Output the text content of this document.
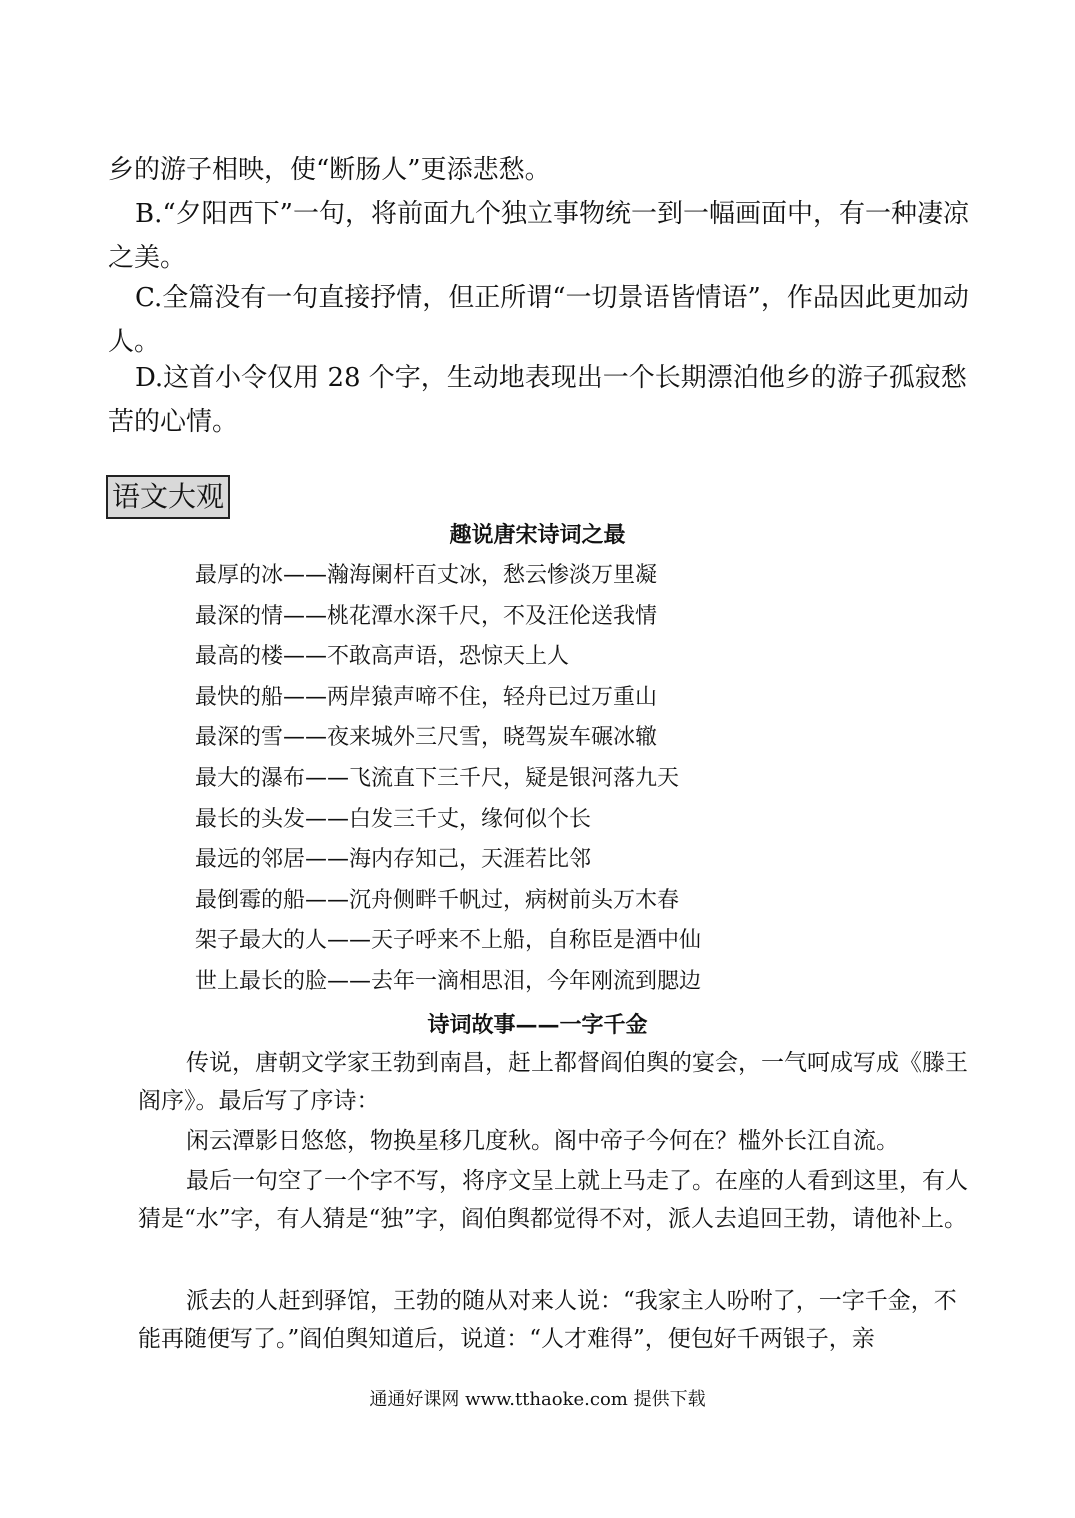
乡的游子相映，使“断肠人”更添悲愁。
B.“夕阳西下”一句，将前面九个独立事物统一到一幅画面中，有一种凄凉之美。
C.全篇没有一句直接抒情，但正所谓“一切景语皆情语”，作品因此更加动人。
D.这首小令仅用 28 个字，生动地表现出一个长期漂泊他乡的游子孤寂愁苦的心情。
语文大观
趣说唐宋诗词之最
最厚的冰——瀚海阑杆百丈冰，愁云惨淡万里凝
最深的情——桃花潭水深千尺，不及汪伦送我情
最高的楼——不敢高声语，恐惊天上人
最快的船——两岸猿声啼不住，轻舟已过万重山
最深的雪——夜来城外三尺雪，晓驾炭车碾冰辙
最大的瀑布——飞流直下三千尺，疑是银河落九天
最长的头发——白发三千丈，缘何似个长
最远的邻居——海内存知己，天涯若比邻
最倒霉的船——沉舟侧畔千帆过，病树前头万木春
架子最大的人——天子呼来不上船，自称臣是酒中仙
世上最长的脸——去年一滴相思泪，今年刚流到腮边
诗词故事——一字千金
传说，唐朝文学家王勃到南昌，赶上都督阎伯舆的宴会，一气呵成写成《滕王阁序》。最后写了序诗：
闲云潭影日悠悠，物换星移几度秋。阁中帝子今何在？槛外长江自流。
最后一句空了一个字不写，将序文呈上就上马走了。在座的人看到这里，有人猜是“水”字，有人猜是“独”字，阎伯舆都觉得不对，派人去追回王勃，请他补上。
派去的人赶到驿馆，王勃的随从对来人说：“我家主人吩咐了，一字千金，不能再随便写了。”阎伯舆知道后，说道：“人才难得”，便包好千两银子，亲
通通好课网 www.tthaoke.com 提供下载
